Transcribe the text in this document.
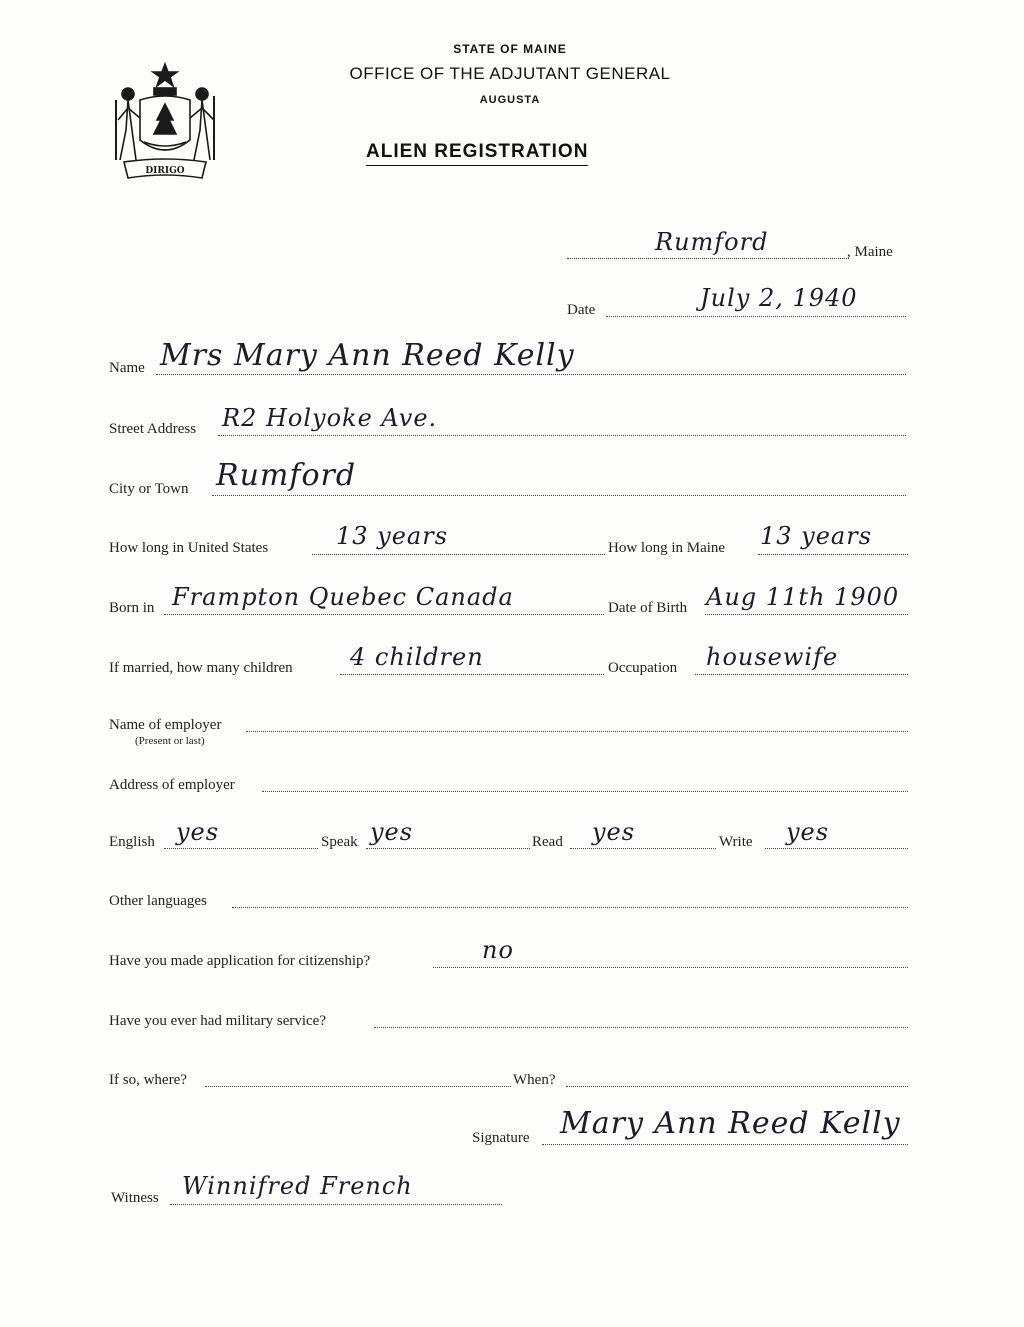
DIRIGO
STATE OF MAINE
OFFICE OF THE ADJUTANT GENERAL
AUGUSTA
ALIEN REGISTRATION
Rumford	, Maine
Date	July 2, 1940
Name Mrs Mary Ann Reed Kelly
Street Address R2 Holyoke Ave.
City or Town Rumford
How long in United States	13 years	How long in Maine 13 years
Born in Frampton Quebec Canada	Date of Birth Aug 11th 1900
If married, how many children 4 children	Occupation housewife
Name of employer
(Present or last)
Address of employer
English yes	Speak yes	Read yes	Write yes
Other languages
Have you made application for citizenship?	no
Have you ever had military service?
If so, where?	When?
Signature Mary Ann Reed Kelly
Witness Winnifred French
